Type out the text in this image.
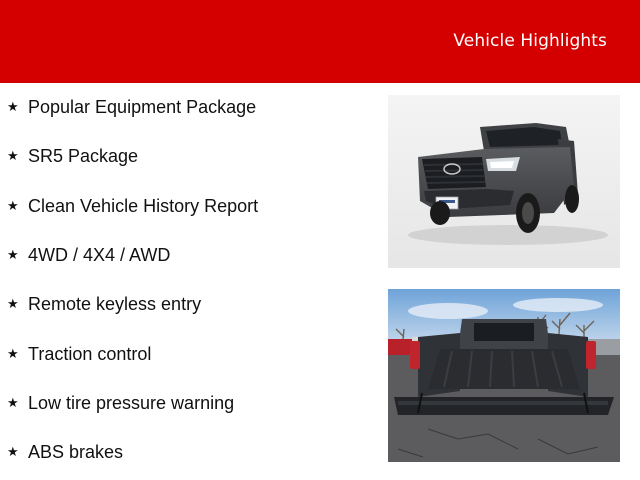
Vehicle Highlights
★ Popular Equipment Package
★ SR5 Package
★ Clean Vehicle History Report
★ 4WD / 4X4 / AWD
★ Remote keyless entry
★ Traction control
★ Low tire pressure warning
★ ABS brakes
